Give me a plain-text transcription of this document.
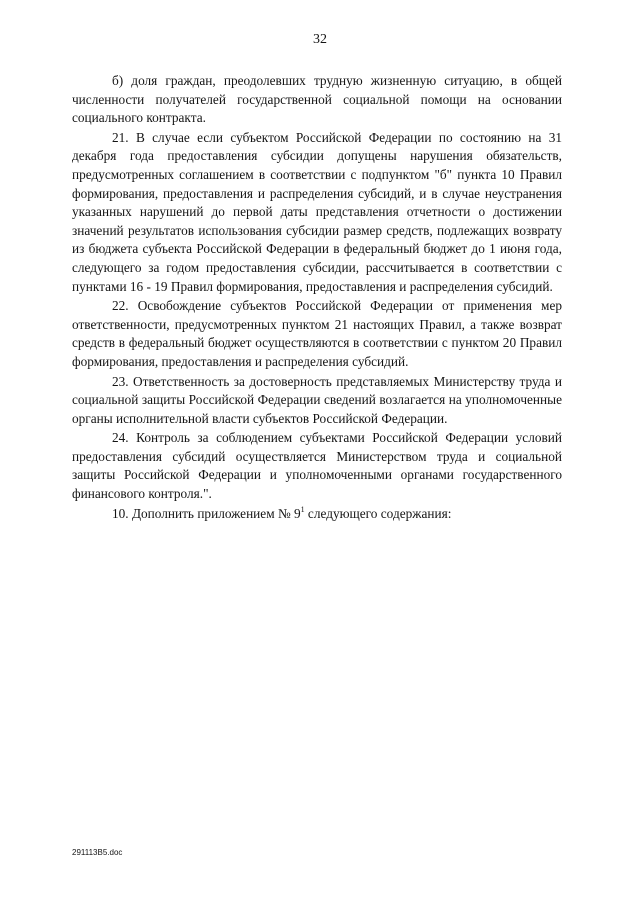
32

б) доля граждан, преодолевших трудную жизненную ситуацию, в общей численности получателей государственной социальной помощи на основании социального контракта.

21. В случае если субъектом Российской Федерации по состоянию на 31 декабря года предоставления субсидии допущены нарушения обязательств, предусмотренных соглашением в соответствии с подпунктом "б" пункта 10 Правил формирования, предоставления и распределения субсидий, и в случае неустранения указанных нарушений до первой даты представления отчетности о достижении значений результатов использования субсидии размер средств, подлежащих возврату из бюджета субъекта Российской Федерации в федеральный бюджет до 1 июня года, следующего за годом предоставления субсидии, рассчитывается в соответствии с пунктами 16 - 19 Правил формирования, предоставления и распределения субсидий.

22. Освобождение субъектов Российской Федерации от применения мер ответственности, предусмотренных пунктом 21 настоящих Правил, а также возврат средств в федеральный бюджет осуществляются в соответствии с пунктом 20 Правил формирования, предоставления и распределения субсидий.

23. Ответственность за достоверность представляемых Министерству труда и социальной защиты Российской Федерации сведений возлагается на уполномоченные органы исполнительной власти субъектов Российской Федерации.

24. Контроль за соблюдением субъектами Российской Федерации условий предоставления субсидий осуществляется Министерством труда и социальной защиты Российской Федерации и уполномоченными органами государственного финансового контроля.".

10. Дополнить приложением № $9^1$ следующего содержания:

291113B5.doc
